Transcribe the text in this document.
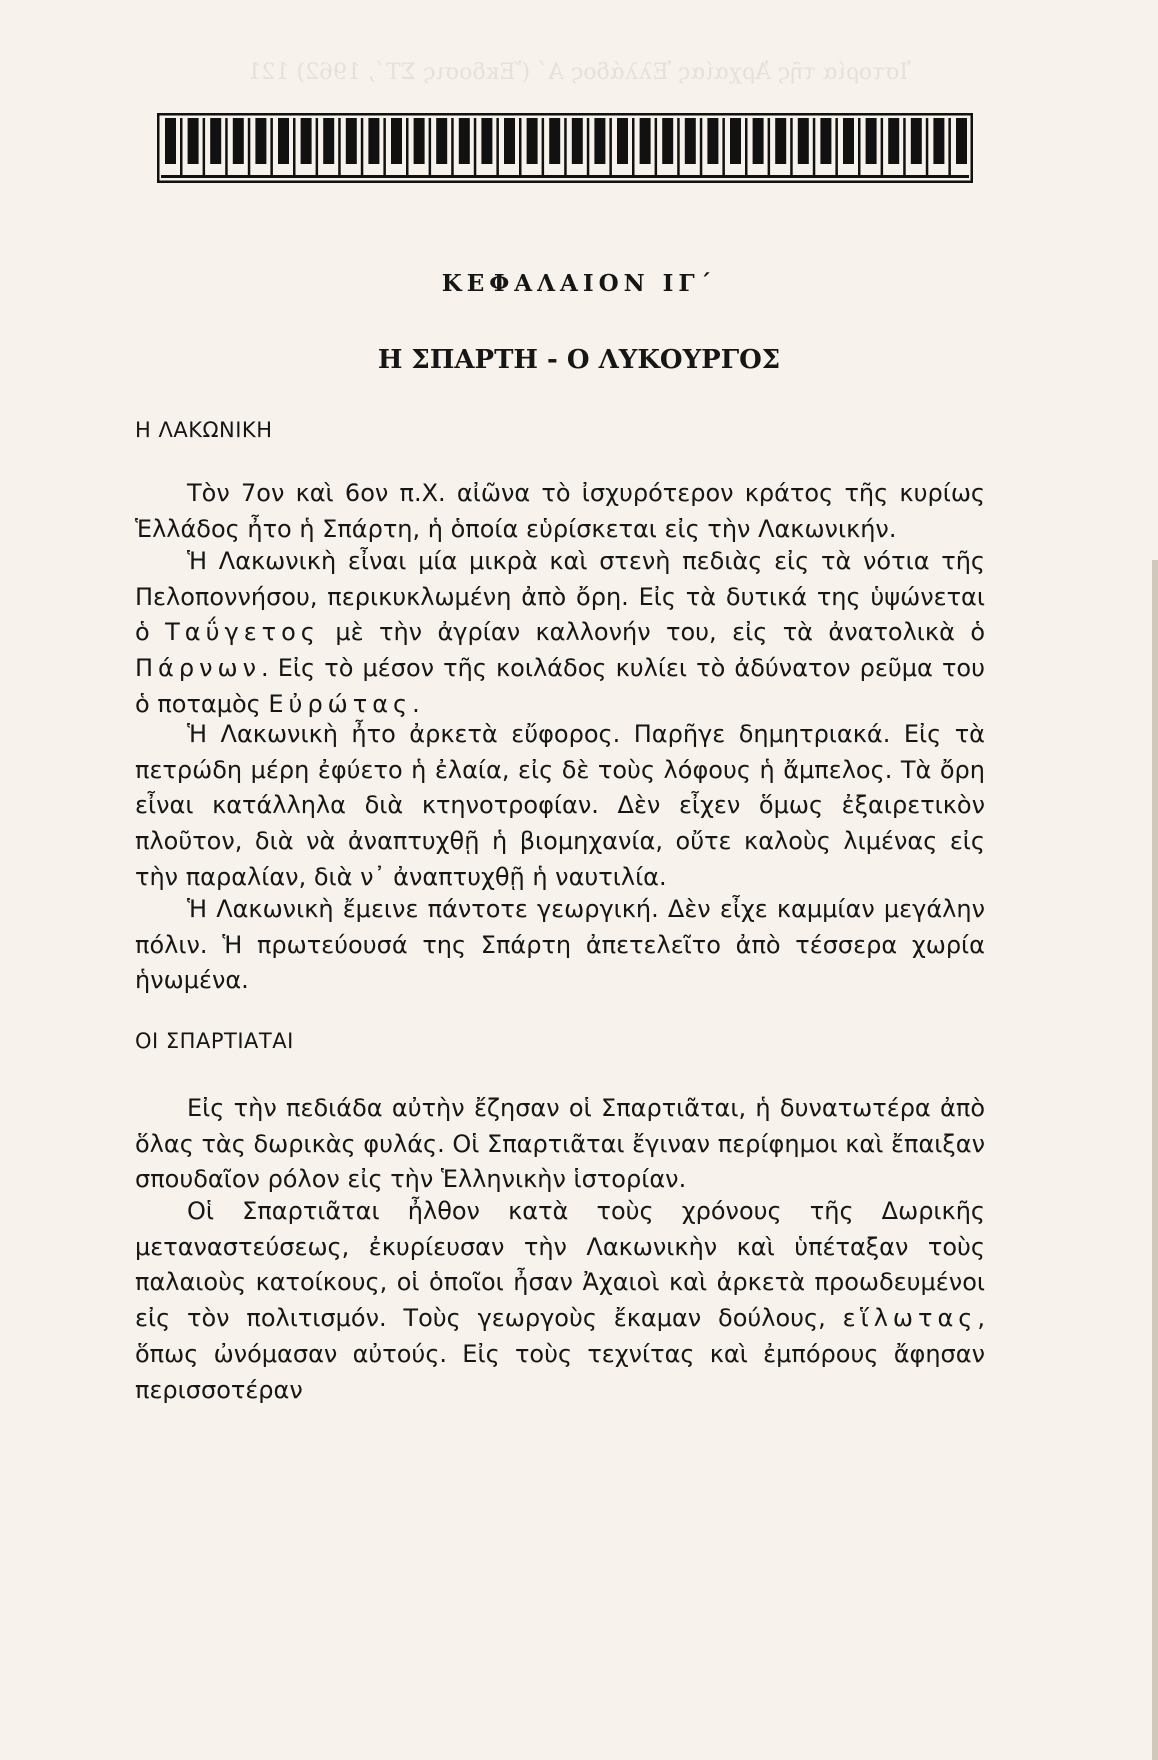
Ἱστορία τῆς Ἀρχαίας Ἑλλάδος Α΄ (Ἔκδοσις ΣΤ΄, 1962) 121
ΚΕΦΑΛΑΙΟΝ ΙΓ΄
Η ΣΠΑΡΤΗ - Ο ΛΥΚΟΥΡΓΟΣ
Η ΛΑΚΩΝΙΚΗ

Τὸν 7ον καὶ 6ον π.Χ. αἰῶνα τὸ ἰσχυρότερον κράτος τῆς κυρίως Ἑλλάδος ἦτο ἡ Σπάρτη, ἡ ὁποία εὑρίσκεται εἰς τὴν Λακωνικήν.

Ἡ Λακωνικὴ εἶναι μία μικρὰ καὶ στενὴ πεδιὰς εἰς τὰ νότια τῆς Πελοποννήσου, περικυκλωμένη ἀπὸ ὄρη. Εἰς τὰ δυτικά της ὑψώνεται ὁ Ταΰγετος μὲ τὴν ἀγρίαν καλλονήν του, εἰς τὰ ἀνατολικὰ ὁ Πάρνων. Εἰς τὸ μέσον τῆς κοιλάδος κυλίει τὸ ἀδύνατον ρεῦμα του ὁ ποταμὸς Εὐρώτας.

Ἡ Λακωνικὴ ἦτο ἀρκετὰ εὔφορος. Παρῆγε δημητριακά. Εἰς τὰ πετρώδη μέρη ἐφύετο ἡ ἐλαία, εἰς δὲ τοὺς λόφους ἡ ἄμπελος. Τὰ ὄρη εἶναι κατάλληλα διὰ κτηνοτροφίαν. Δὲν εἶχεν ὅμως ἐξαιρετικὸν πλοῦτον, διὰ νὰ ἀναπτυχθῇ ἡ βιομηχανία, οὔτε καλοὺς λιμένας εἰς τὴν παραλίαν, διὰ ν᾽ ἀναπτυχθῇ ἡ ναυτιλία.

Ἡ Λακωνικὴ ἔμεινε πάντοτε γεωργική. Δὲν εἶχε καμμίαν μεγάλην πόλιν. Ἡ πρωτεύουσά της Σπάρτη ἀπετελεῖτο ἀπὸ τέσσερα χωρία ἡνωμένα.

ΟΙ ΣΠΑΡΤΙΑΤΑΙ

Εἰς τὴν πεδιάδα αὐτὴν ἔζησαν οἱ Σπαρτιᾶται, ἡ δυνατωτέρα ἀπὸ ὅλας τὰς δωρικὰς φυλάς. Οἱ Σπαρτιᾶται ἔγιναν περίφημοι καὶ ἔπαιξαν σπουδαῖον ρόλον εἰς τὴν Ἑλληνικὴν ἱστορίαν.

Οἱ Σπαρτιᾶται ἦλθον κατὰ τοὺς χρόνους τῆς Δωρικῆς μεταναστεύσεως, ἐκυρίευσαν τὴν Λακωνικὴν καὶ ὑπέταξαν τοὺς παλαιοὺς κατοίκους, οἱ ὁποῖοι ἦσαν Ἀχαιοὶ καὶ ἀρκετὰ προωδευμένοι εἰς τὸν πολιτισμόν. Τοὺς γεωργοὺς ἔκαμαν δούλους, εἵλωτας, ὅπως ὠνόμασαν αὐτούς. Εἰς τοὺς τεχνίτας καὶ ἐμπόρους ἄφησαν περισσοτέραν
